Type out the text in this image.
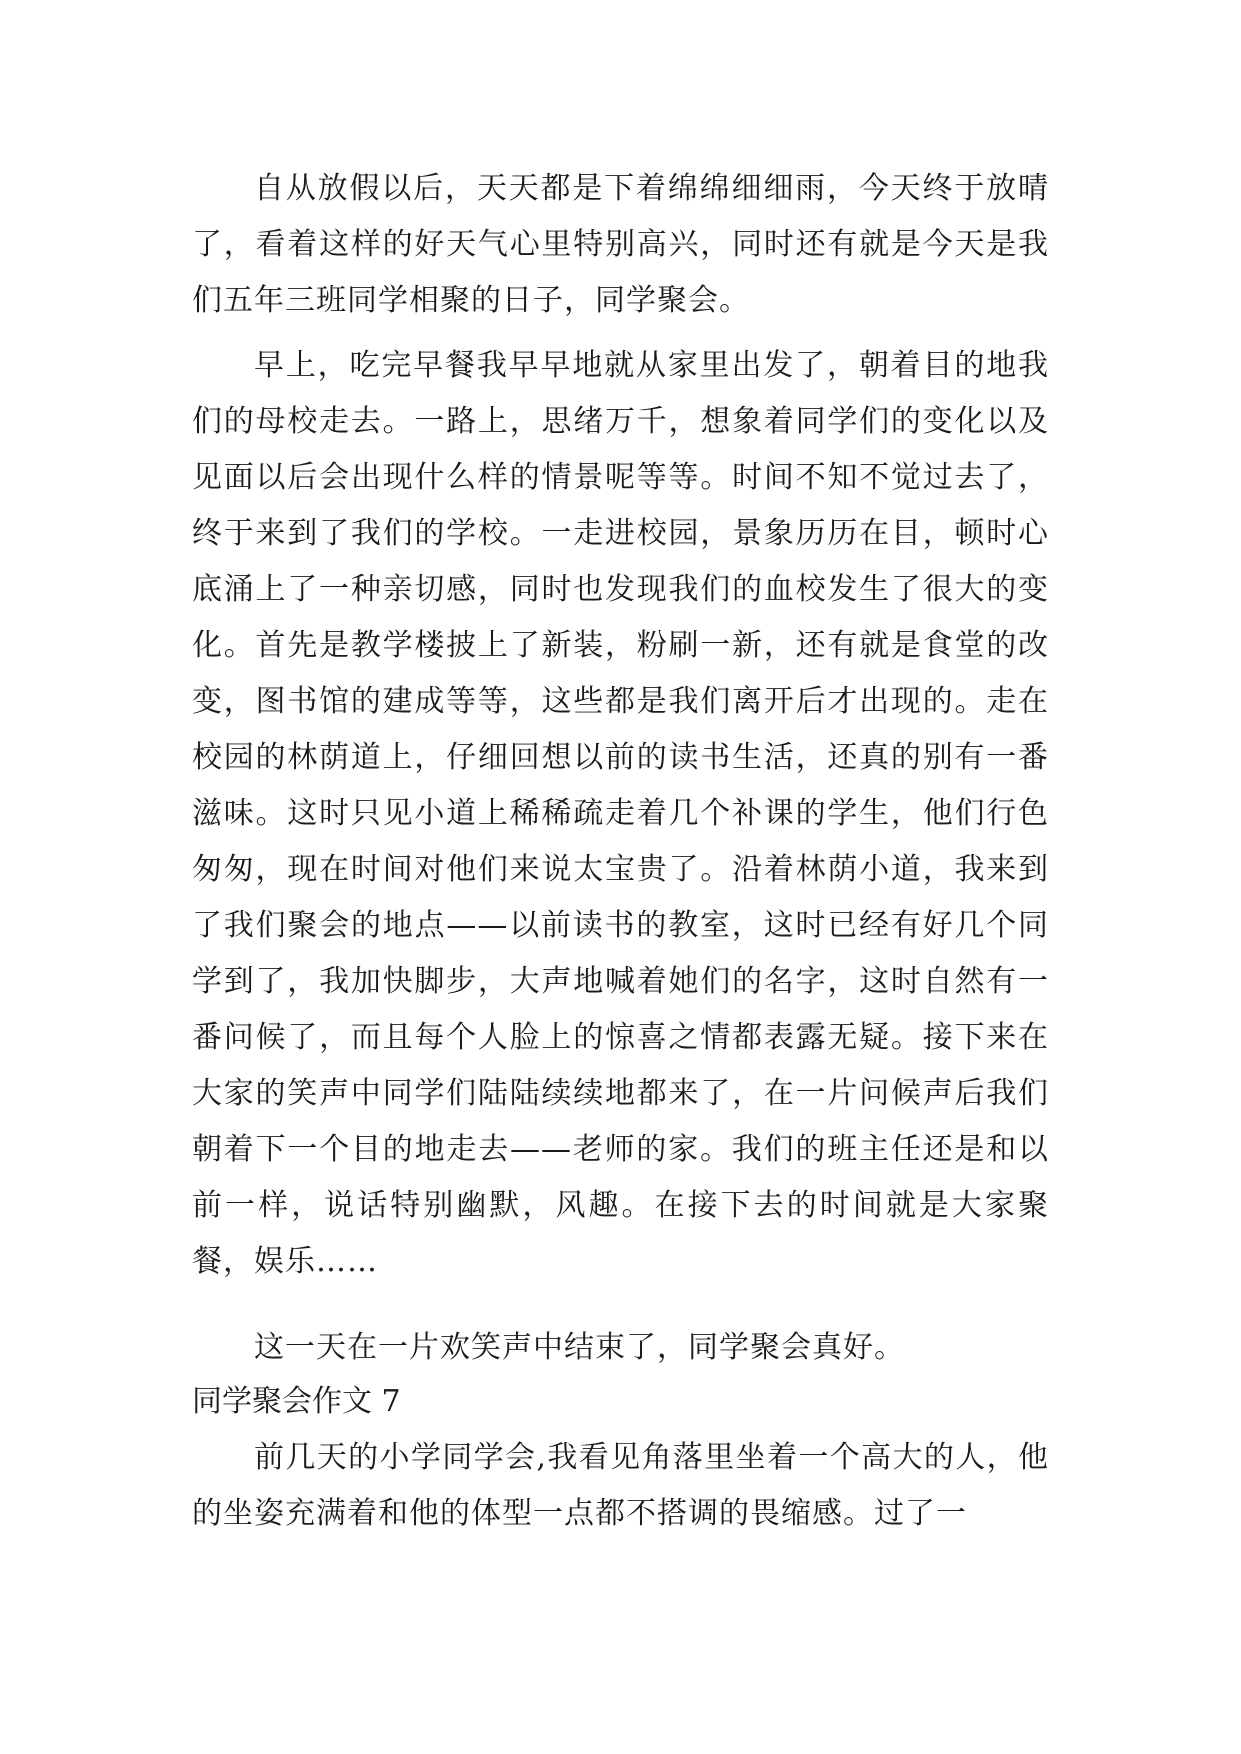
自从放假以后，天天都是下着绵绵细细雨，今天终于放晴了，看着这样的好天气心里特别高兴，同时还有就是今天是我们五年三班同学相聚的日子，同学聚会。

早上，吃完早餐我早早地就从家里出发了，朝着目的地我们的母校走去。一路上，思绪万千，想象着同学们的变化以及见面以后会出现什么样的情景呢等等。时间不知不觉过去了，终于来到了我们的学校。一走进校园，景象历历在目，顿时心底涌上了一种亲切感，同时也发现我们的血校发生了很大的变化。首先是教学楼披上了新装，粉刷一新，还有就是食堂的改变，图书馆的建成等等，这些都是我们离开后才出现的。走在校园的林荫道上，仔细回想以前的读书生活，还真的别有一番滋味。这时只见小道上稀稀疏走着几个补课的学生，他们行色匆匆，现在时间对他们来说太宝贵了。沿着林荫小道，我来到了我们聚会的地点——以前读书的教室，这时已经有好几个同学到了，我加快脚步，大声地喊着她们的名字，这时自然有一番问候了，而且每个人脸上的惊喜之情都表露无疑。接下来在大家的笑声中同学们陆陆续续地都来了，在一片问候声后我们朝着下一个目的地走去——老师的家。我们的班主任还是和以前一样，说话特别幽默，风趣。在接下去的时间就是大家聚餐，娱乐……

这一天在一片欢笑声中结束了，同学聚会真好。

同学聚会作文 7

前几天的小学同学会,我看见角落里坐着一个高大的人，他的坐姿充满着和他的体型一点都不搭调的畏缩感。过了一
